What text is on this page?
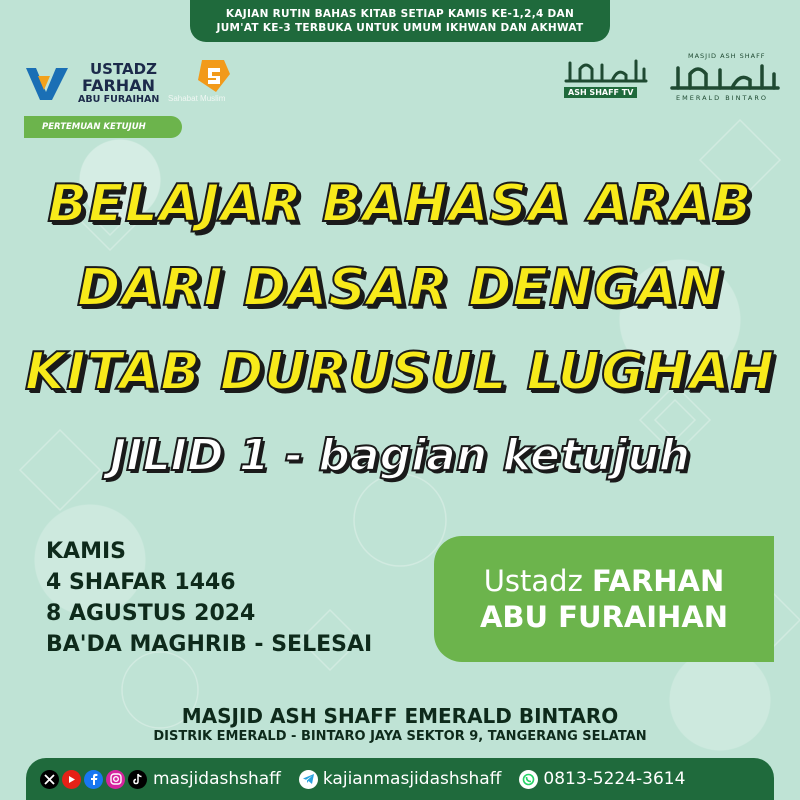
KAJIAN RUTIN BAHAS KITAB SETIAP KAMIS KE-1,2,4 DAN
JUM'AT KE-3 TERBUKA UNTUK UMUM IKHWAN DAN AKHWAT
USTADZ
FARHAN
ABU FURAIHAN Sahabat Muslim
ASH SHAFF TV
MASJID ASH SHAFF
EMERALD BINTARO
PERTEMUAN KETUJUH
BELAJAR BAHASA ARAB
DARI DASAR DENGAN
KITAB DURUSUL LUGHAH
JILID 1 - bagian ketujuh
KAMIS
4 SHAFAR 1446
8 AGUSTUS 2024
BA'DA MAGHRIB - SELESAI
Ustadz FARHAN
ABU FURAIHAN
MASJID ASH SHAFF EMERALD BINTARO
DISTRIK EMERALD - BINTARO JAYA SEKTOR 9, TANGERANG SELATAN
masjidashshaff kajianmasjidashshaff 0813-5224-3614
